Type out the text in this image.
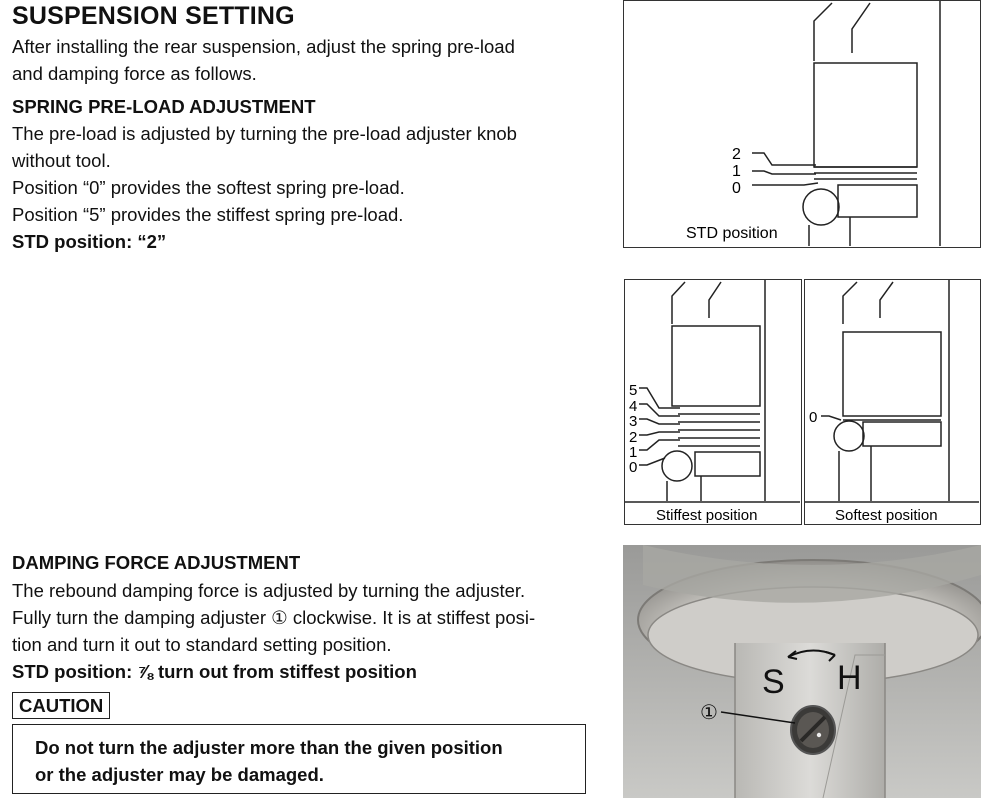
SUSPENSION SETTING
After installing the rear suspension, adjust the spring pre-load
and damping force as follows.
SPRING PRE-LOAD ADJUSTMENT
The pre-load is adjusted by turning the pre-load adjuster knob
without tool.
Position “0” provides the softest spring pre-load.
Position “5” provides the stiffest spring pre-load.
STD position: “2”
DAMPING FORCE ADJUSTMENT
The rebound damping force is adjusted by turning the adjuster.
Fully turn the damping adjuster ① clockwise. It is at stiffest posi-
tion and turn it out to standard setting position.
STD position: ⅞ turn out from stiffest position
CAUTION
Do not turn the adjuster more than the given position
or the adjuster may be damaged.
2
1
0
STD position
5
4
3
2
1
0
Stiffest position
0
Softest position
S H
①
